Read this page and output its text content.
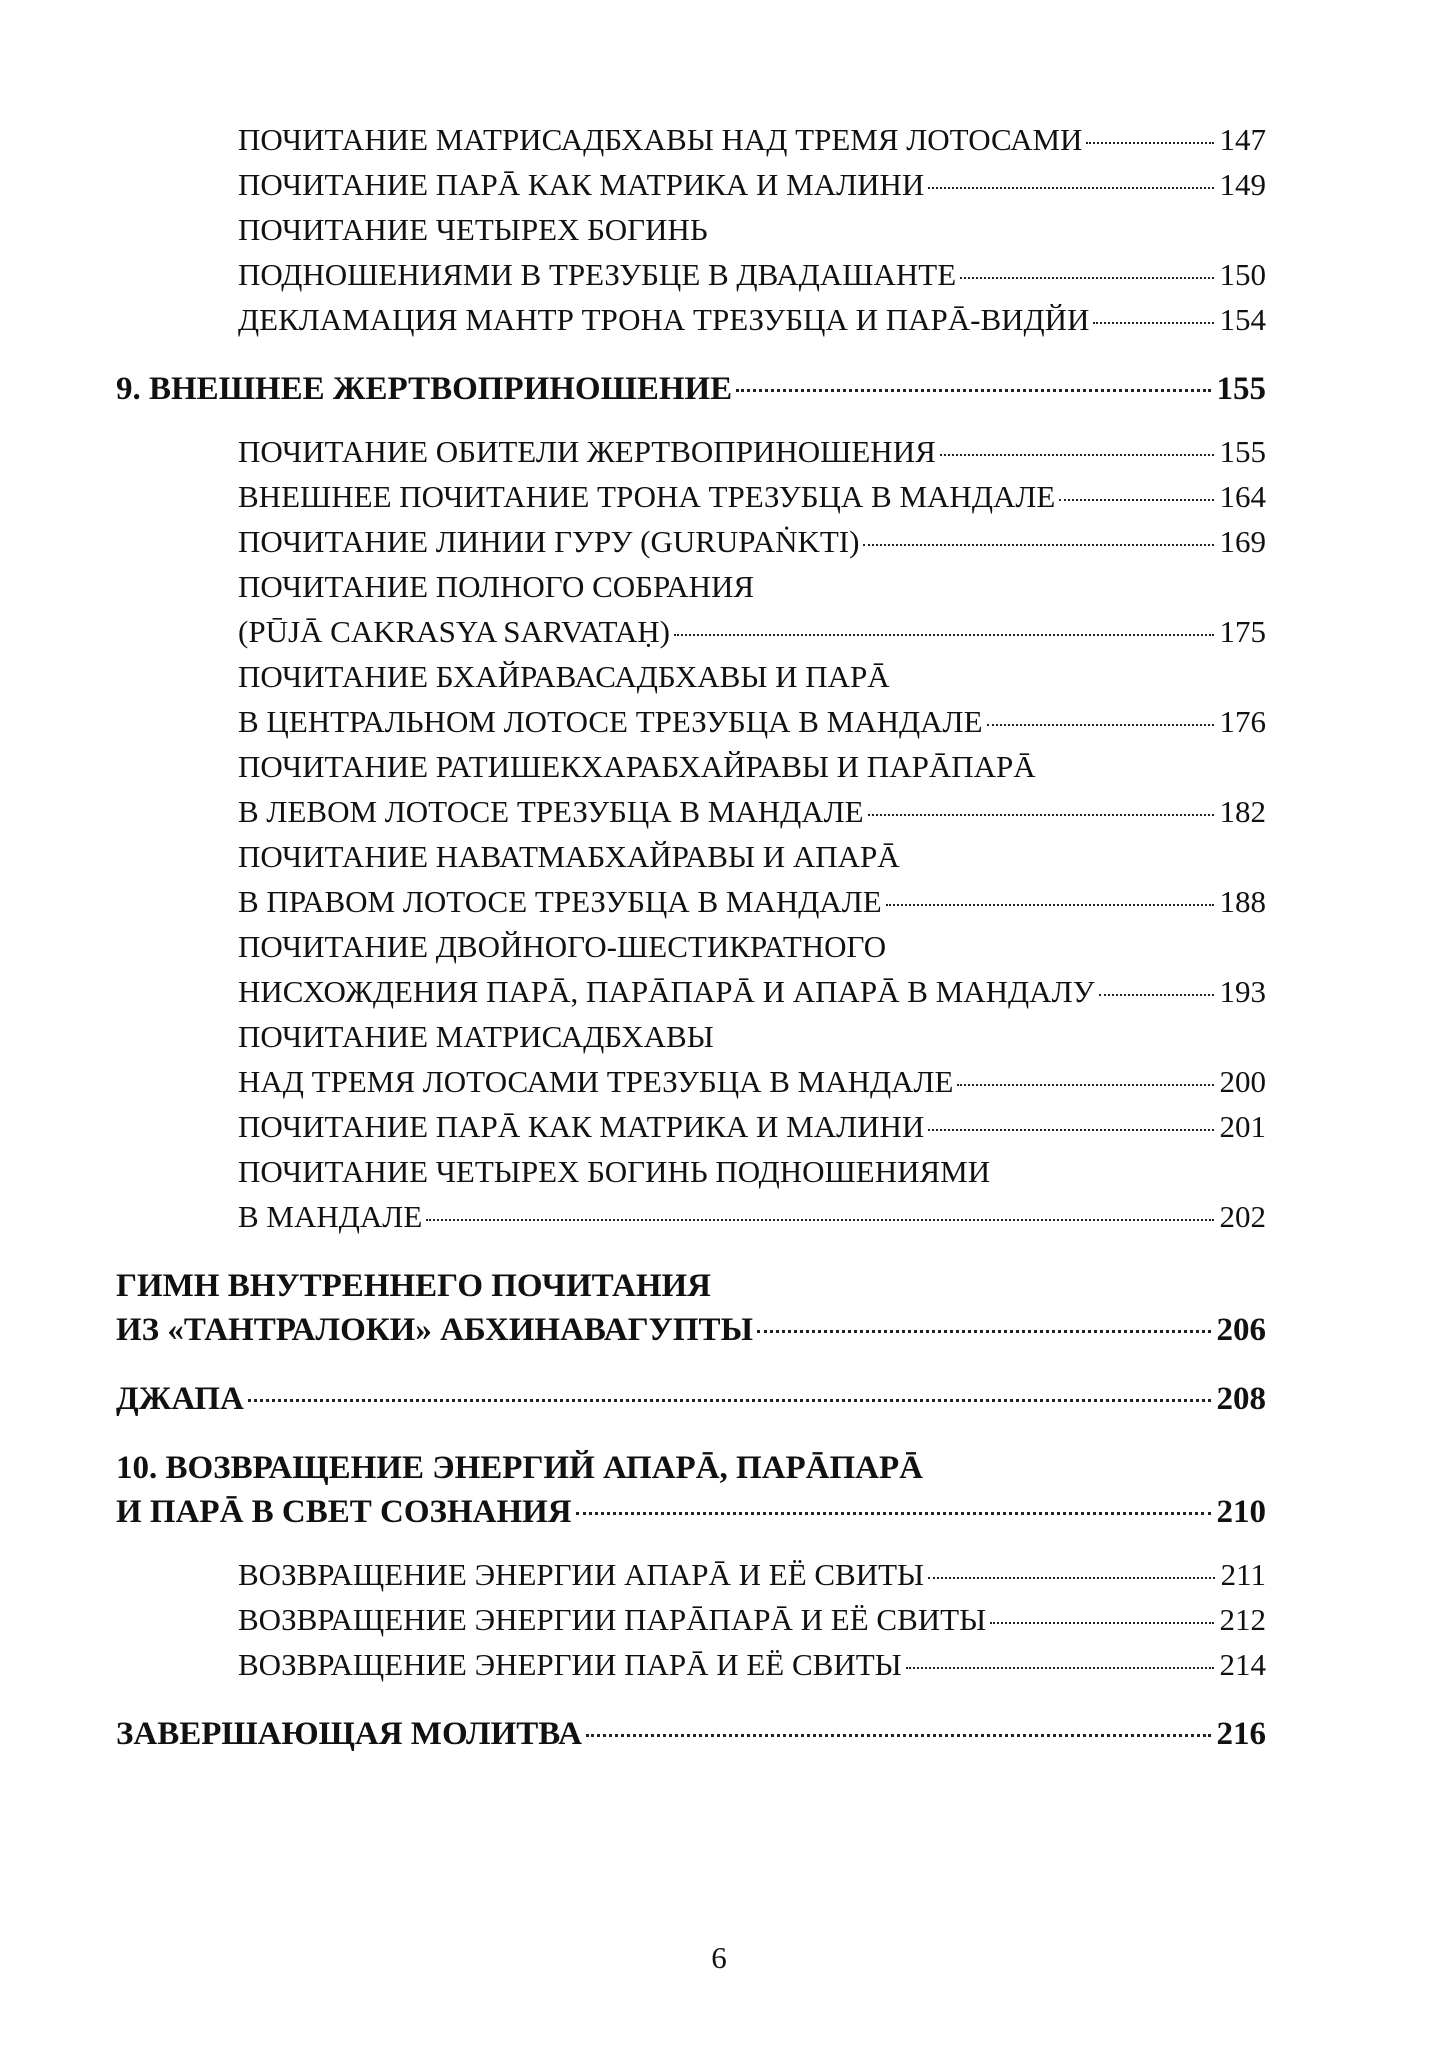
ПОЧИТАНИЕ МАТРИСАДБХАВЫ НАД ТРЕМЯ ЛОТОСАМИ	147
ПОЧИТАНИЕ ПАРĀ КАК МАТРИКА И МАЛИНИ	149
ПОЧИТАНИЕ ЧЕТЫРЕХ БОГИНЬ
ПОДНОШЕНИЯМИ В ТРЕЗУБЦЕ В ДВАДАШАНТЕ	150
ДЕКЛАМАЦИЯ МАНТР ТРОНА ТРЕЗУБЦА И ПАРĀ-ВИДЙИ	154
9. ВНЕШНЕЕ ЖЕРТВОПРИНОШЕНИЕ	155
ПОЧИТАНИЕ ОБИТЕЛИ ЖЕРТВОПРИНОШЕНИЯ	155
ВНЕШНЕЕ ПОЧИТАНИЕ ТРОНА ТРЕЗУБЦА В МАНДАЛЕ	164
ПОЧИТАНИЕ ЛИНИИ ГУРУ (GURUPAṄKTI)	169
ПОЧИТАНИЕ ПОЛНОГО СОБРАНИЯ
(PŪJĀ CAKRASYA SARVATAḤ)	175
ПОЧИТАНИЕ БХАЙРАВАСАДБХАВЫ И ПАРĀ
В ЦЕНТРАЛЬНОМ ЛОТОСЕ ТРЕЗУБЦА В МАНДАЛЕ	176
ПОЧИТАНИЕ РАТИШЕКХАРАБХАЙРАВЫ И ПАРĀПАРĀ
В ЛЕВОМ ЛОТОСЕ ТРЕЗУБЦА В МАНДАЛЕ	182
ПОЧИТАНИЕ НАВАТМАБХАЙРАВЫ И АПАРĀ
В ПРАВОМ ЛОТОСЕ ТРЕЗУБЦА В МАНДАЛЕ	188
ПОЧИТАНИЕ ДВОЙНОГО-ШЕСТИКРАТНОГО
НИСХОЖДЕНИЯ ПАРĀ, ПАРĀПАРĀ И АПАРĀ В МАНДАЛУ	193
ПОЧИТАНИЕ МАТРИСАДБХАВЫ
НАД ТРЕМЯ ЛОТОСАМИ ТРЕЗУБЦА В МАНДАЛЕ	200
ПОЧИТАНИЕ ПАРĀ КАК МАТРИКА И МАЛИНИ	201
ПОЧИТАНИЕ ЧЕТЫРЕХ БОГИНЬ ПОДНОШЕНИЯМИ
В МАНДАЛЕ	202
ГИМН ВНУТРЕННЕГО ПОЧИТАНИЯ
ИЗ «ТАНТРАЛОКИ» АБХИНАВАГУПТЫ	206
ДЖАПА	208
10. ВОЗВРАЩЕНИЕ ЭНЕРГИЙ АПАРĀ, ПАРĀПАРĀ
И ПАРĀ В СВЕТ СОЗНАНИЯ	210
ВОЗВРАЩЕНИЕ ЭНЕРГИИ АПАРĀ И ЕЁ СВИТЫ	211
ВОЗВРАЩЕНИЕ ЭНЕРГИИ ПАРĀПАРĀ И ЕЁ СВИТЫ	212
ВОЗВРАЩЕНИЕ ЭНЕРГИИ ПАРĀ И ЕЁ СВИТЫ	214
ЗАВЕРШАЮЩАЯ МОЛИТВА	216
6
